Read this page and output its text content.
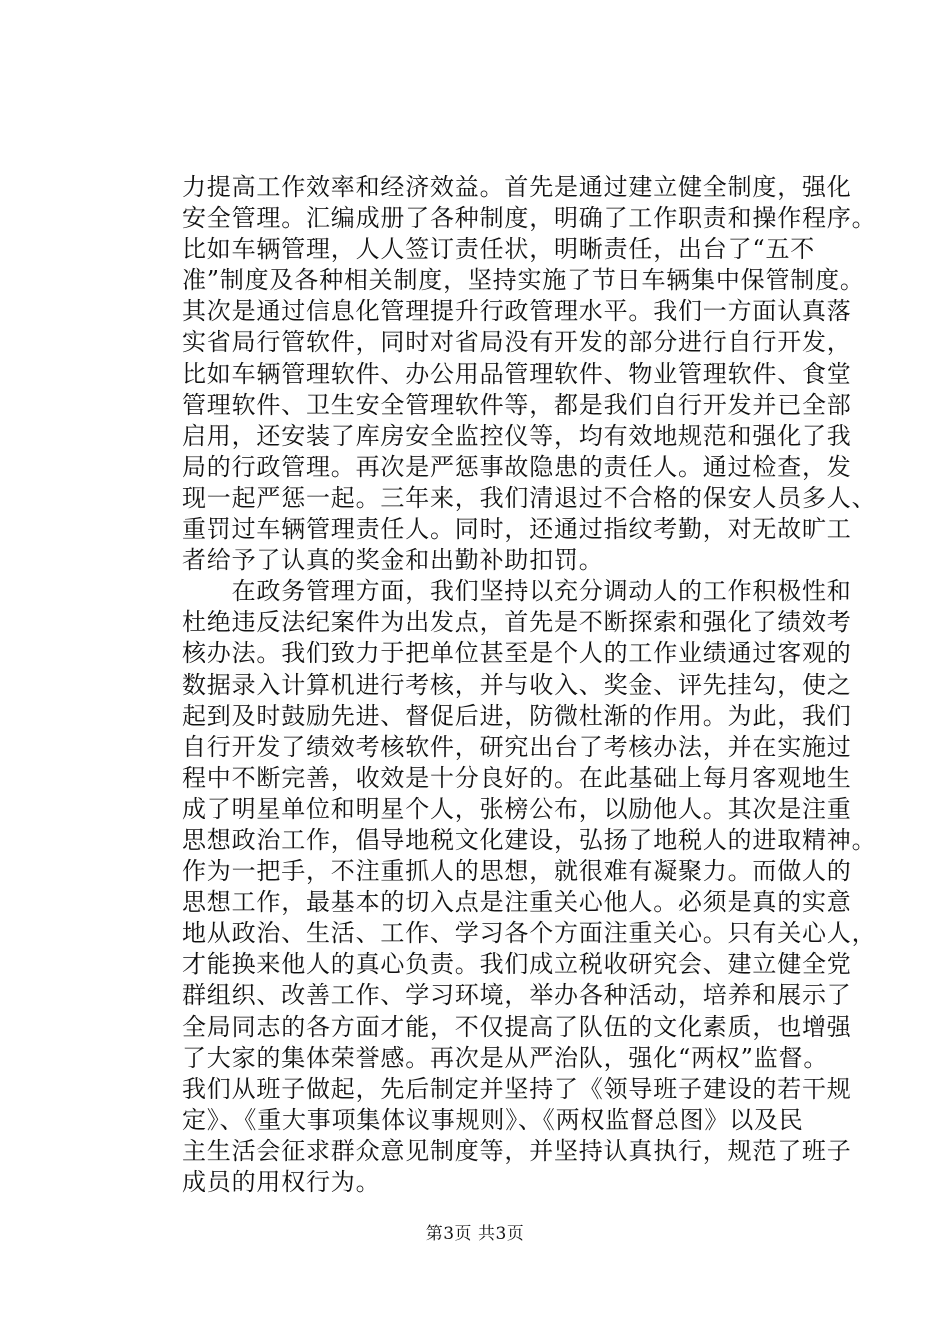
力提高工作效率和经济效益。首先是通过建立健全制度，强化
安全管理。汇编成册了各种制度，明确了工作职责和操作程序。
比如车辆管理，人人签订责任状，明晰责任，出台了“五不
准”制度及各种相关制度，坚持实施了节日车辆集中保管制度。
其次是通过信息化管理提升行政管理水平。我们一方面认真落
实省局行管软件，同时对省局没有开发的部分进行自行开发，
比如车辆管理软件、办公用品管理软件、物业管理软件、食堂
管理软件、卫生安全管理软件等，都是我们自行开发并已全部
启用，还安装了库房安全监控仪等，均有效地规范和强化了我
局的行政管理。再次是严惩事故隐患的责任人。通过检查，发
现一起严惩一起。三年来，我们清退过不合格的保安人员多人、
重罚过车辆管理责任人。同时，还通过指纹考勤，对无故旷工
者给予了认真的奖金和出勤补助扣罚。
　　在政务管理方面，我们坚持以充分调动人的工作积极性和
杜绝违反法纪案件为出发点，首先是不断探索和强化了绩效考
核办法。我们致力于把单位甚至是个人的工作业绩通过客观的
数据录入计算机进行考核，并与收入、奖金、评先挂勾，使之
起到及时鼓励先进、督促后进，防微杜渐的作用。为此，我们
自行开发了绩效考核软件，研究出台了考核办法，并在实施过
程中不断完善，收效是十分良好的。在此基础上每月客观地生
成了明星单位和明星个人，张榜公布，以励他人。其次是注重
思想政治工作，倡导地税文化建设，弘扬了地税人的进取精神。
作为一把手，不注重抓人的思想，就很难有凝聚力。而做人的
思想工作，最基本的切入点是注重关心他人。必须是真的实意
地从政治、生活、工作、学习各个方面注重关心。只有关心人，
才能换来他人的真心负责。我们成立税收研究会、建立健全党
群组织、改善工作、学习环境，举办各种活动，培养和展示了
全局同志的各方面才能，不仅提高了队伍的文化素质，也增强
了大家的集体荣誉感。再次是从严治队，强化“两权”监督。
我们从班子做起，先后制定并坚持了《领导班子建设的若干规
定》、《重大事项集体议事规则》、《两权监督总图》以及民
主生活会征求群众意见制度等，并坚持认真执行，规范了班子
成员的用权行为。
第3页 共3页
